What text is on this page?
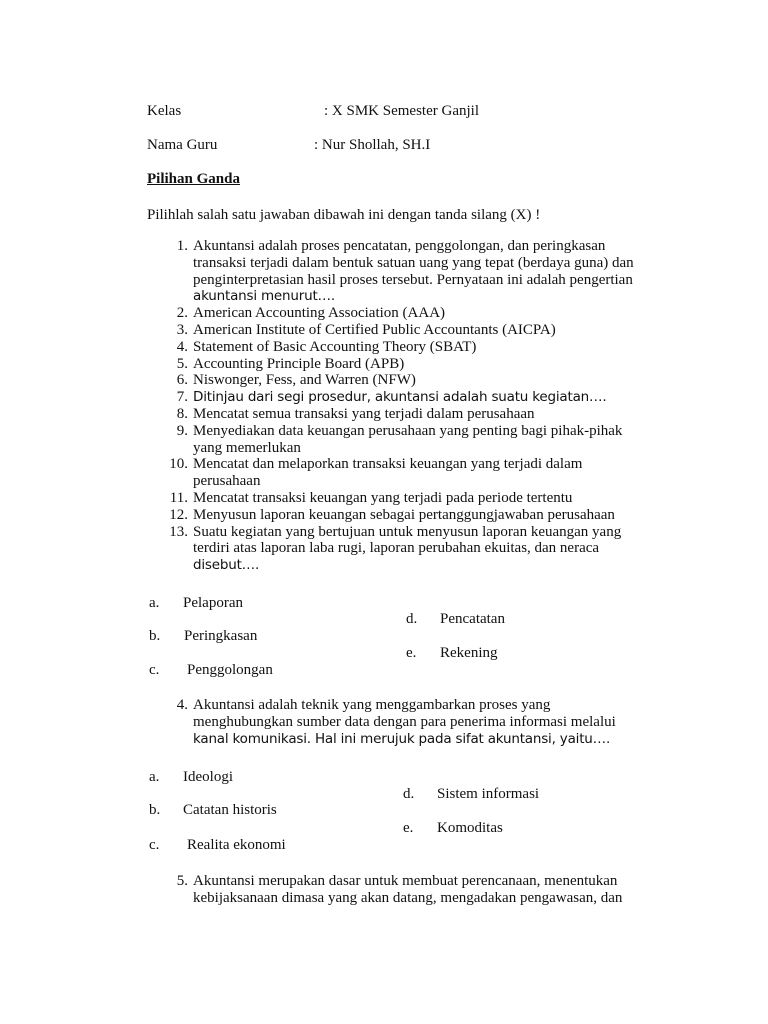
Kelas	: X SMK Semester Ganjil
Nama Guru	: Nur Shollah, SH.I
Pilihan Ganda
Pilihlah salah satu jawaban dibawah ini dengan tanda silang (X) !
1. Akuntansi adalah proses pencatatan, penggolongan, dan peringkasan
transaksi terjadi dalam bentuk satuan uang yang tepat (berdaya guna) dan
penginterpretasian hasil proses tersebut. Pernyataan ini adalah pengertian
akuntansi menurut….
2. American Accounting Association (AAA)
3. American Institute of Certified Public Accountants (AICPA)
4. Statement of Basic Accounting Theory (SBAT)
5. Accounting Principle Board (APB)
6. Niswonger, Fess, and Warren (NFW)
7. Ditinjau dari segi prosedur, akuntansi adalah suatu kegiatan….
8. Mencatat semua transaksi yang terjadi dalam perusahaan
9. Menyediakan data keuangan perusahaan yang penting bagi pihak-pihak
yang memerlukan
10. Mencatat dan melaporkan transaksi keuangan yang terjadi dalam
perusahaan
11. Mencatat transaksi keuangan yang terjadi pada periode tertentu
12. Menyusun laporan keuangan sebagai pertanggungjawaban perusahaan
13. Suatu kegiatan yang bertujuan untuk menyusun laporan keuangan yang
terdiri atas laporan laba rugi, laporan perubahan ekuitas, dan neraca
disebut….
a. Pelaporan
d. Pencatatan
b. Peringkasan
e. Rekening
c. Penggolongan
4. Akuntansi adalah teknik yang menggambarkan proses yang
menghubungkan sumber data dengan para penerima informasi melalui
kanal komunikasi. Hal ini merujuk pada sifat akuntansi, yaitu….
a. Ideologi
d. Sistem informasi
b. Catatan historis
e. Komoditas
c. Realita ekonomi
5. Akuntansi merupakan dasar untuk membuat perencanaan, menentukan
kebijaksanaan dimasa yang akan datang, mengadakan pengawasan, dan
